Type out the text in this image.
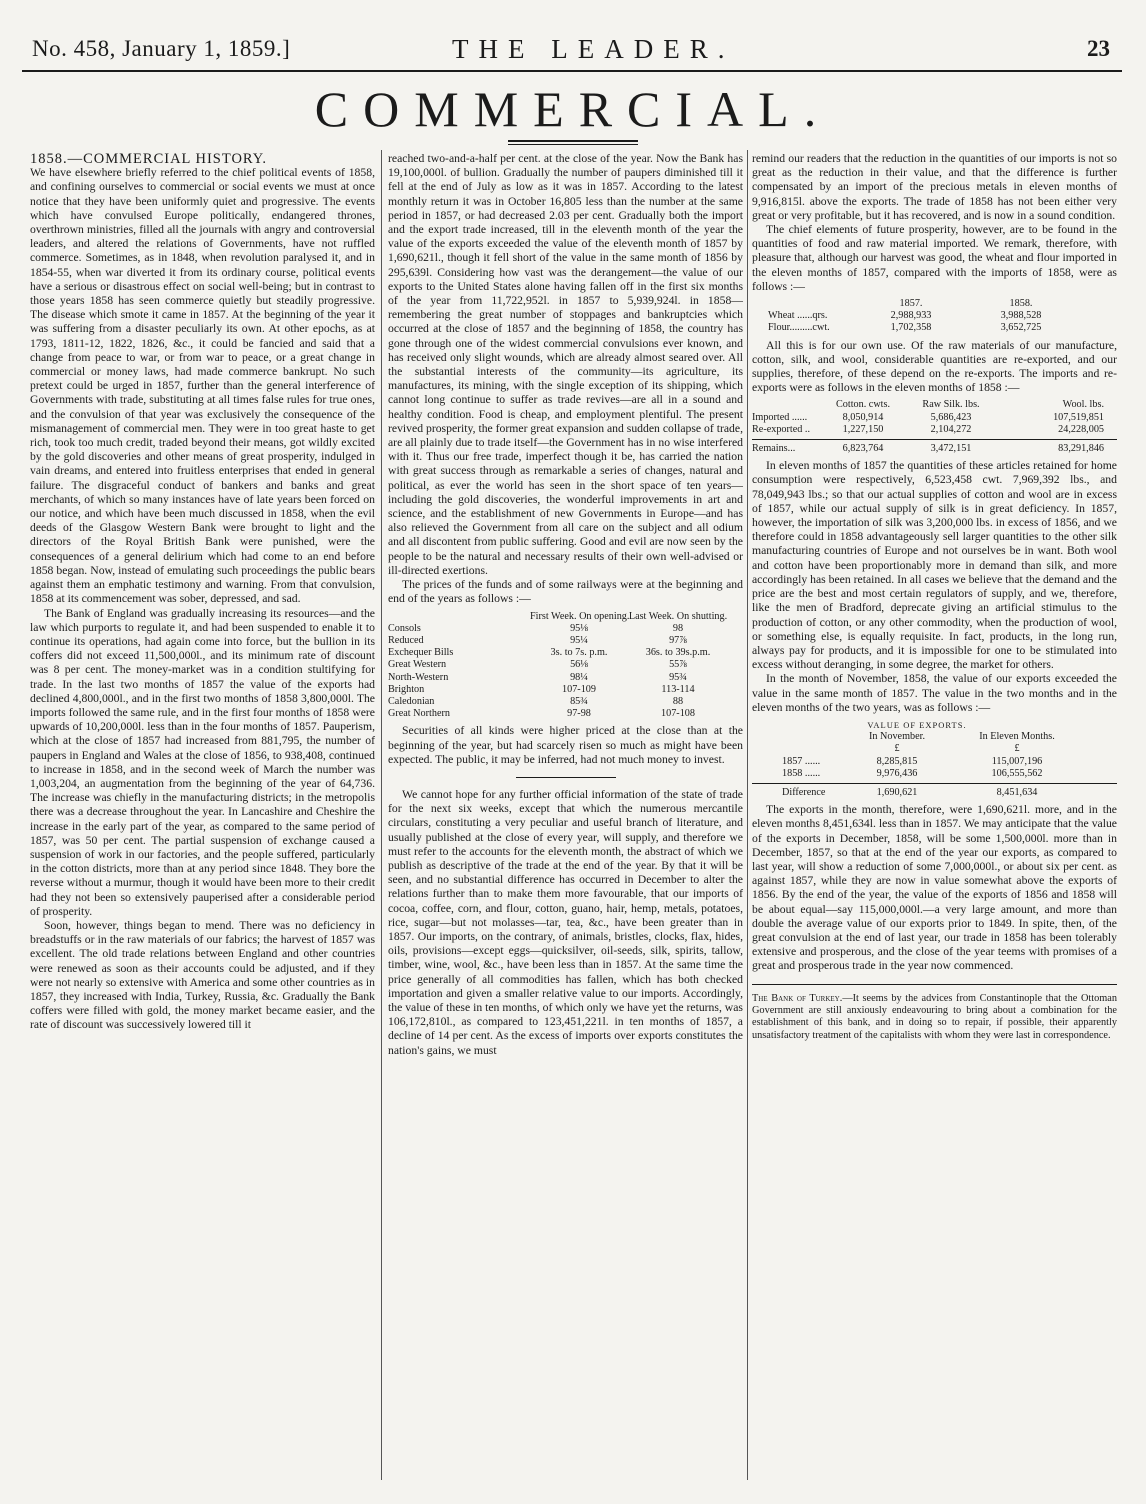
No. 458, January 1, 1859.]	THE LEADER.	23
COMMERCIAL.

1858.—COMMERCIAL HISTORY.

We have elsewhere briefly referred to the chief political events of 1858, and confining ourselves to commercial or social events we must at once notice that they have been uniformly quiet and progressive. The events which have convulsed Europe politically, endangered thrones, overthrown ministries, filled all the journals with angry and controversial leaders, and altered the relations of Governments, have not ruffled commerce. Sometimes, as in 1848, when revolution paralysed it, and in 1854-55, when war diverted it from its ordinary course, political events have a serious or disastrous effect on social well-being; but in contrast to those years 1858 has seen commerce quietly but steadily progressive. The disease which smote it came in 1857. At the beginning of the year it was suffering from a disaster peculiarly its own. At other epochs, as at 1793, 1811-12, 1822, 1826, &c., it could be fancied and said that a change from peace to war, or from war to peace, or a great change in commercial or money laws, had made commerce bankrupt. No such pretext could be urged in 1857, further than the general interference of Governments with trade, substituting at all times false rules for true ones, and the convulsion of that year was exclusively the consequence of the mismanagement of commercial men. They were in too great haste to get rich, took too much credit, traded beyond their means, got wildly excited by the gold discoveries and other means of great prosperity, indulged in vain dreams, and entered into fruitless enterprises that ended in general failure. The disgraceful conduct of bankers and banks and great merchants, of which so many instances have of late years been forced on our notice, and which have been much discussed in 1858, when the evil deeds of the Glasgow Western Bank were brought to light and the directors of the Royal British Bank were punished, were the consequences of a general delirium which had come to an end before 1858 began. Now, instead of emulating such proceedings the public bears against them an emphatic testimony and warning. From that convulsion, 1858 at its commencement was sober, depressed, and sad.

The Bank of England was gradually increasing its resources—and the law which purports to regulate it, and had been suspended to enable it to continue its operations, had again come into force, but the bullion in its coffers did not exceed 11,500,000l., and its minimum rate of discount was 8 per cent. The money-market was in a condition stultifying for trade. In the last two months of 1857 the value of the exports had declined 4,800,000l., and in the first two months of 1858 3,800,000l. The imports followed the same rule, and in the first four months of 1858 were upwards of 10,200,000l. less than in the four months of 1857. Pauperism, which at the close of 1857 had increased from 881,795, the number of paupers in England and Wales at the close of 1856, to 938,408, continued to increase in 1858, and in the second week of March the number was 1,003,204, an augmentation from the beginning of the year of 64,736. The increase was chiefly in the manufacturing districts; in the metropolis there was a decrease throughout the year. In Lancashire and Cheshire the increase in the early part of the year, as compared to the same period of 1857, was 50 per cent. The partial suspension of exchange caused a suspension of work in our factories, and the people suffered, particularly in the cotton districts, more than at any period since 1848. They bore the reverse without a murmur, though it would have been more to their credit had they not been so extensively pauperised after a considerable period of prosperity.

Soon, however, things began to mend. There was no deficiency in breadstuffs or in the raw materials of our fabrics; the harvest of 1857 was excellent. The old trade relations between England and other countries were renewed as soon as their accounts could be adjusted, and if they were not nearly so extensive with America and some other countries as in 1857, they increased with India, Turkey, Russia, &c. Gradually the Bank coffers were filled with gold, the money market became easier, and the rate of discount was successively lowered till it

reached two-and-a-half per cent. at the close of the year. Now the Bank has 19,100,000l. of bullion. Gradually the number of paupers diminished till it fell at the end of July as low as it was in 1857. According to the latest monthly return it was in October 16,805 less than the number at the same period in 1857, or had decreased 2.03 per cent. Gradually both the import and the export trade increased, till in the eleventh month of the year the value of the exports exceeded the value of the eleventh month of 1857 by 1,690,621l., though it fell short of the value in the same month of 1856 by 295,639l. Considering how vast was the derangement—the value of our exports to the United States alone having fallen off in the first six months of the year from 11,722,952l. in 1857 to 5,939,924l. in 1858—remembering the great number of stoppages and bankruptcies which occurred at the close of 1857 and the beginning of 1858, the country has gone through one of the widest commercial convulsions ever known, and has received only slight wounds, which are already almost seared over. All the substantial interests of the community—its agriculture, its manufactures, its mining, with the single exception of its shipping, which cannot long continue to suffer as trade revives—are all in a sound and healthy condition. Food is cheap, and employment plentiful. The present revived prosperity, the former great expansion and sudden collapse of trade, are all plainly due to trade itself—the Government has in no wise interfered with it. Thus our free trade, imperfect though it be, has carried the nation with great success through as remarkable a series of changes, natural and political, as ever the world has seen in the short space of ten years—including the gold discoveries, the wonderful improvements in art and science, and the establishment of new Governments in Europe—and has also relieved the Government from all care on the subject and all odium and all discontent from public suffering. Good and evil are now seen by the people to be the natural and necessary results of their own well-advised or ill-directed exertions.

The prices of the funds and of some railways were at the beginning and end of the years as follows :—

First Week. On opening. Last Week. On shutting.
Consols	95⅛	98
Reduced	95¼	97⅞
Exchequer Bills	3s. to 7s. p.m.	36s. to 39s.p.m.
Great Western	56⅛	55⅞
North-Western	98¼	95¾
Brighton	107-109	113-114
Caledonian	85¾	88
Great Northern	97-98	107-108

Securities of all kinds were higher priced at the close than at the beginning of the year, but had scarcely risen so much as might have been expected. The public, it may be inferred, had not much money to invest.

We cannot hope for any further official information of the state of trade for the next six weeks, except that which the numerous mercantile circulars, constituting a very peculiar and useful branch of literature, and usually published at the close of every year, will supply, and therefore we must refer to the accounts for the eleventh month, the abstract of which we publish as descriptive of the trade at the end of the year. By that it will be seen, and no substantial difference has occurred in December to alter the relations further than to make them more favourable, that our imports of cocoa, coffee, corn, and flour, cotton, guano, hair, hemp, metals, potatoes, rice, sugar—but not molasses—tar, tea, &c., have been greater than in 1857. Our imports, on the contrary, of animals, bristles, clocks, flax, hides, oils, provisions—except eggs—quicksilver, oil-seeds, silk, spirits, tallow, timber, wine, wool, &c., have been less than in 1857. At the same time the price generally of all commodities has fallen, which has both checked importation and given a smaller relative value to our imports. Accordingly, the value of these in ten months, of which only we have yet the returns, was 106,172,810l., as compared to 123,451,221l. in ten months of 1857, a decline of 14 per cent. As the excess of imports over exports constitutes the nation's gains, we must

remind our readers that the reduction in the quantities of our imports is not so great as the reduction in their value, and that the difference is further compensated by an import of the precious metals in eleven months of 9,916,815l. above the exports. The trade of 1858 has not been either very great or very profitable, but it has recovered, and is now in a sound condition.

The chief elements of future prosperity, however, are to be found in the quantities of food and raw material imported. We remark, therefore, with pleasure that, although our harvest was good, the wheat and flour imported in the eleven months of 1857, compared with the imports of 1858, were as follows :—

1857.	1858.
Wheat ......qrs.	2,988,933	3,988,528
Flour.........cwt.	1,702,358	3,652,725

All this is for our own use. Of the raw materials of our manufacture, cotton, silk, and wool, considerable quantities are re-exported, and our supplies, therefore, of these depend on the re-exports. The imports and re-exports were as follows in the eleven months of 1858 :—

Cotton. cwts.	Raw Silk. lbs.	Wool. lbs.
Imported ......	8,050,914	5,686,423	107,519,851
Re-exported ..	1,227,150	2,104,272	24,228,005
Remains...	6,823,764	3,472,151	83,291,846

In eleven months of 1857 the quantities of these articles retained for home consumption were respectively, 6,523,458 cwt. 7,969,392 lbs., and 78,049,943 lbs.; so that our actual supplies of cotton and wool are in excess of 1857, while our actual supply of silk is in great deficiency. In 1857, however, the importation of silk was 3,200,000 lbs. in excess of 1856, and we therefore could in 1858 advantageously sell larger quantities to the other silk manufacturing countries of Europe and not ourselves be in want. Both wool and cotton have been proportionably more in demand than silk, and more accordingly has been retained. In all cases we believe that the demand and the price are the best and most certain regulators of supply, and we, therefore, like the men of Bradford, deprecate giving an artificial stimulus to the production of cotton, or any other commodity, when the production of wool, or something else, is equally requisite. In fact, products, in the long run, always pay for products, and it is impossible for one to be stimulated into excess without deranging, in some degree, the market for others.

In the month of November, 1858, the value of our exports exceeded the value in the same month of 1857. The value in the two months and in the eleven months of the two years, was as follows :—

VALUE OF EXPORTS.
In November.	In Eleven Months.
£	£
1857 ......	8,285,815	115,007,196
1858 ......	9,976,436	106,555,562
Difference	1,690,621	8,451,634

The exports in the month, therefore, were 1,690,621l. more, and in the eleven months 8,451,634l. less than in 1857. We may anticipate that the value of the exports in December, 1858, will be some 1,500,000l. more than in December, 1857, so that at the end of the year our exports, as compared to last year, will show a reduction of some 7,000,000l., or about six per cent. as against 1857, while they are now in value somewhat above the exports of 1856. By the end of the year, the value of the exports of 1856 and 1858 will be about equal—say 115,000,000l.—a very large amount, and more than double the average value of our exports prior to 1849. In spite, then, of the great convulsion at the end of last year, our trade in 1858 has been tolerably extensive and prosperous, and the close of the year teems with promises of a great and prosperous trade in the year now commenced.

The Bank of Turkey.—It seems by the advices from Constantinople that the Ottoman Government are still anxiously endeavouring to bring about a combination for the establishment of this bank, and in doing so to repair, if possible, their apparently unsatisfactory treatment of the capitalists with whom they were last in correspondence.
